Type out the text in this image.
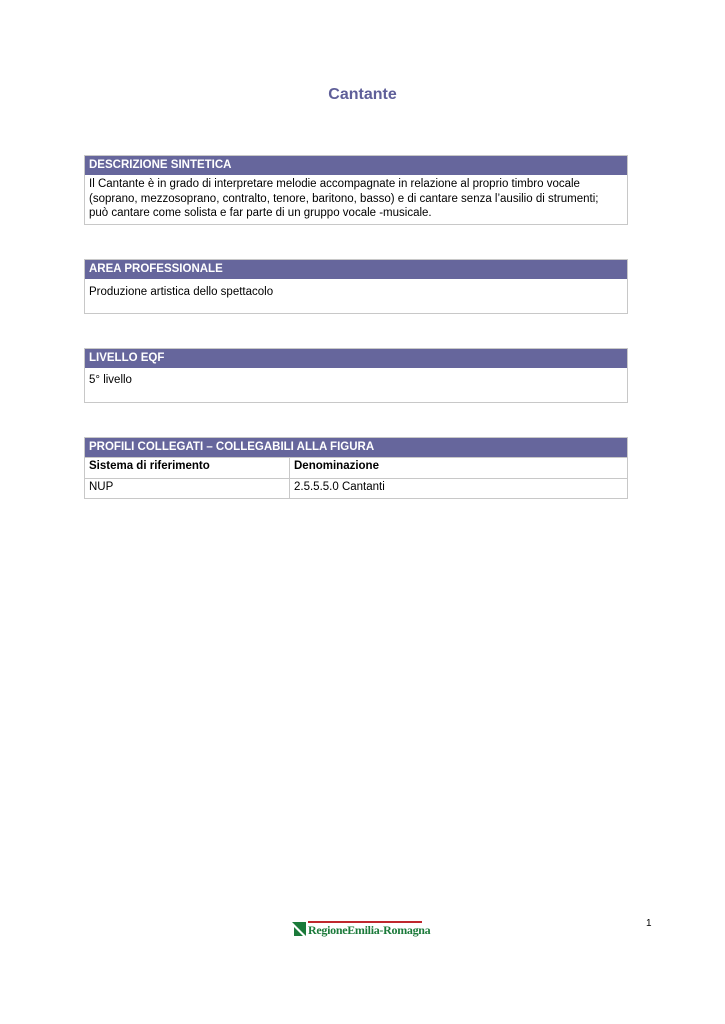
Cantante
DESCRIZIONE SINTETICA
Il Cantante è in grado di interpretare melodie accompagnate in relazione al proprio timbro vocale
(soprano, mezzosoprano, contralto, tenore, baritono, basso) e di cantare senza l’ausilio di strumenti;
può cantare come solista e far parte di un gruppo vocale -musicale.
AREA PROFESSIONALE
Produzione artistica dello spettacolo
LIVELLO EQF
5° livello
PROFILI COLLEGATI – COLLEGABILI ALLA FIGURA
Sistema di riferimento	Denominazione
NUP	2.5.5.5.0 Cantanti
RegioneEmilia-Romagna	1
